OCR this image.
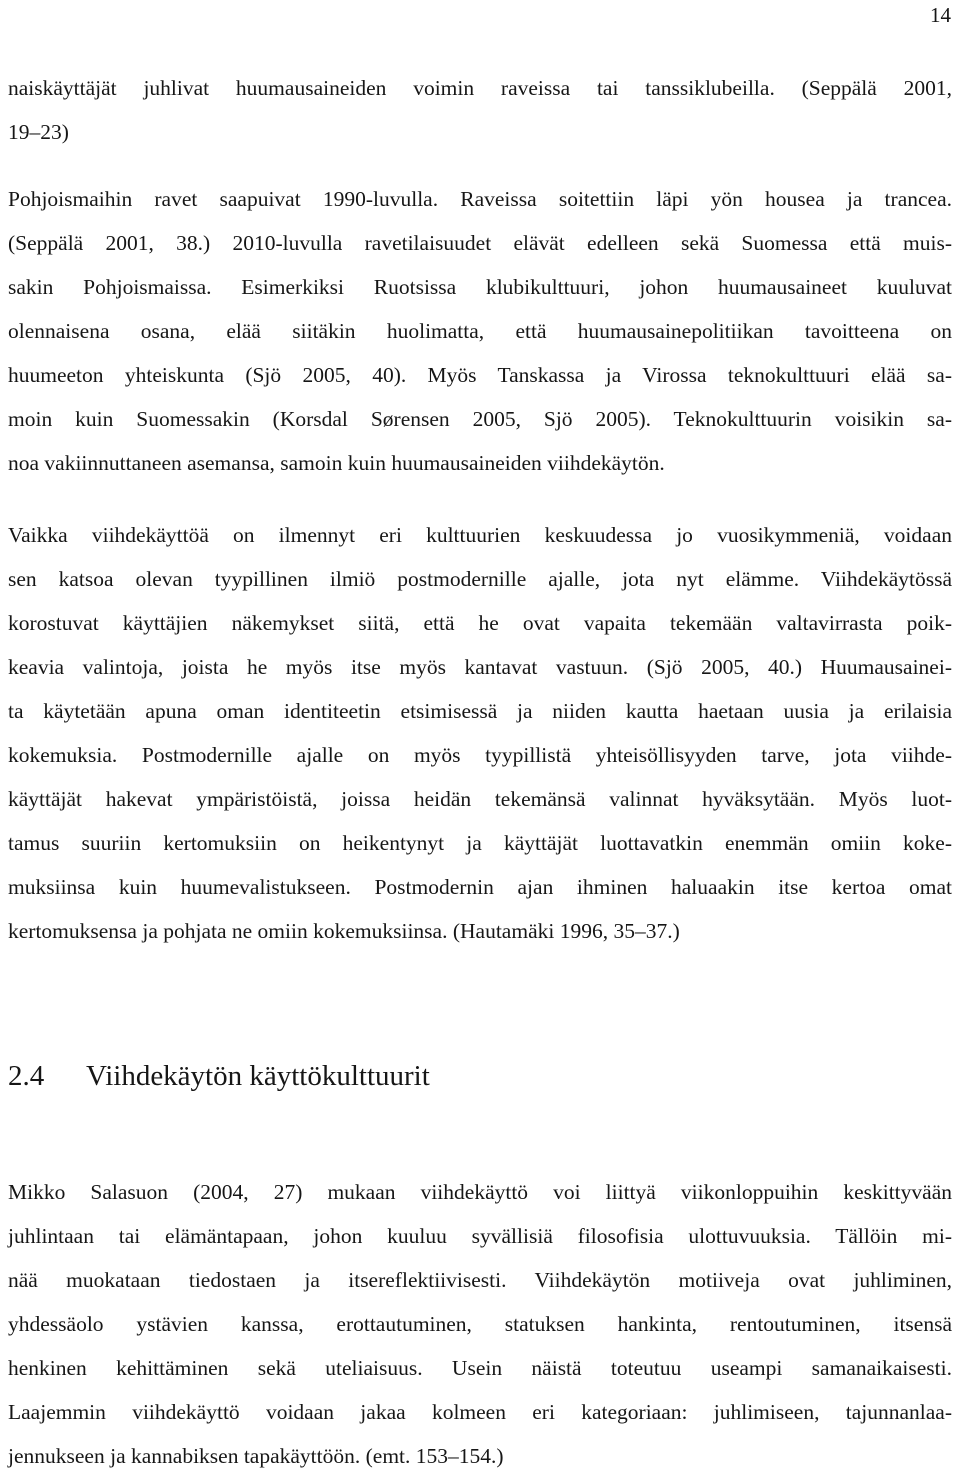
14

naiskäyttäjät juhlivat huumausaineiden voimin raveissa tai tanssiklubeilla. (Seppälä 2001,

19–23)

Pohjoismaihin ravet saapuivat 1990-luvulla. Raveissa soitettiin läpi yön housea ja trancea.

(Seppälä 2001, 38.) 2010-luvulla ravetilaisuudet elävät edelleen sekä Suomessa että muis-

sakin Pohjoismaissa. Esimerkiksi Ruotsissa klubikulttuuri, johon huumausaineet kuuluvat

olennaisena osana, elää siitäkin huolimatta, että huumausainepolitiikan tavoitteena on

huumeeton yhteiskunta (Sjö 2005, 40). Myös Tanskassa ja Virossa teknokulttuuri elää sa-

moin kuin Suomessakin (Korsdal Sørensen 2005, Sjö 2005). Teknokulttuurin voisikin sa-

noa vakiinnuttaneen asemansa, samoin kuin huumausaineiden viihdekäytön.

Vaikka viihdekäyttöä on ilmennyt eri kulttuurien keskuudessa jo vuosikymmeniä, voidaan

sen katsoa olevan tyypillinen ilmiö postmodernille ajalle, jota nyt elämme. Viihdekäytössä

korostuvat käyttäjien näkemykset siitä, että he ovat vapaita tekemään valtavirrasta poik-

keavia valintoja, joista he myös itse myös kantavat vastuun. (Sjö 2005, 40.) Huumausainei-

ta käytetään apuna oman identiteetin etsimisessä ja niiden kautta haetaan uusia ja erilaisia

kokemuksia. Postmodernille ajalle on myös tyypillistä yhteisöllisyyden tarve, jota viihde-

käyttäjät hakevat ympäristöistä, joissa heidän tekemänsä valinnat hyväksytään. Myös luot-

tamus suuriin kertomuksiin on heikentynyt ja käyttäjät luottavatkin enemmän omiin koke-

muksiinsa kuin huumevalistukseen. Postmodernin ajan ihminen haluaakin itse kertoa omat

kertomuksensa ja pohjata ne omiin kokemuksiinsa. (Hautamäki 1996, 35–37.)

2.4 Viihdekäytön käyttökulttuurit

Mikko Salasuon (2004, 27) mukaan viihdekäyttö voi liittyä viikonloppuihin keskittyvään

juhlintaan tai elämäntapaan, johon kuuluu syvällisiä filosofisia ulottuvuuksia. Tällöin mi-

nää muokataan tiedostaen ja itsereflektiivisesti. Viihdekäytön motiiveja ovat juhliminen,

yhdessäolo ystävien kanssa, erottautuminen, statuksen hankinta, rentoutuminen, itsensä

henkinen kehittäminen sekä uteliaisuus. Usein näistä toteutuu useampi samanaikaisesti.

Laajemmin viihdekäyttö voidaan jakaa kolmeen eri kategoriaan: juhlimiseen, tajunnanlaa-

jennukseen ja kannabiksen tapakäyttöön. (emt. 153–154.)
